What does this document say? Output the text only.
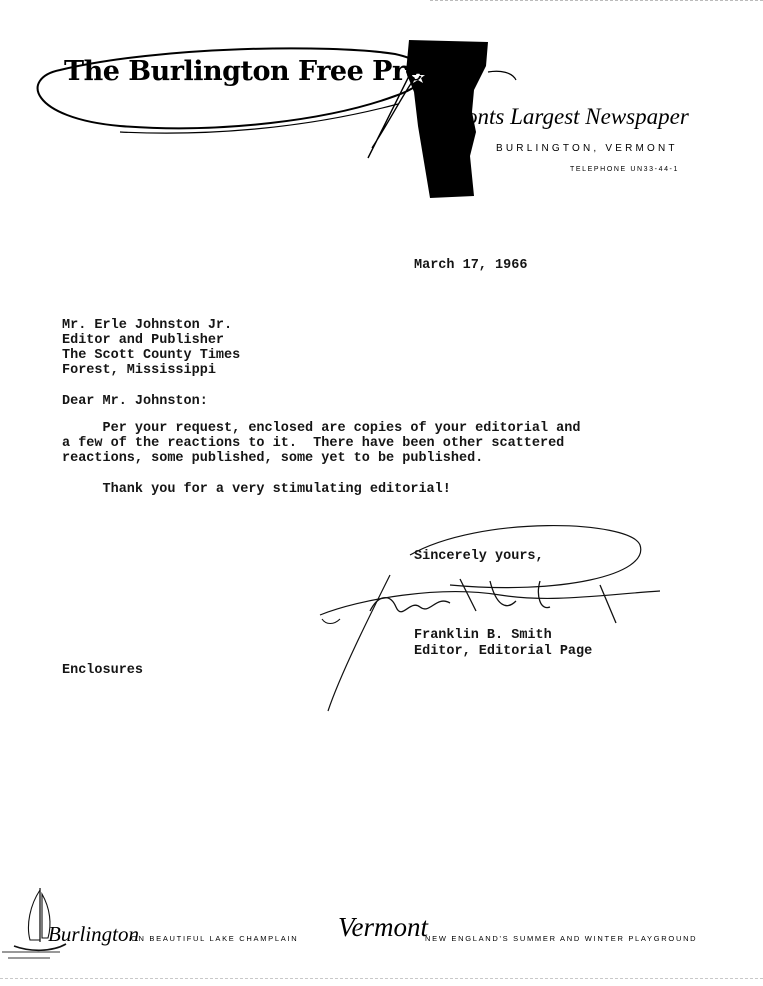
The Burlington Free Press
onts Largest Newspaper
BURLINGTON, VERMONT
TELEPHONE UN33-44-1
March 17, 1966
Mr. Erle Johnston Jr.
Editor and Publisher
The Scott County Times
Forest, Mississippi
Dear Mr. Johnston:
Per your request, enclosed are copies of your editorial and
a few of the reactions to it.  There have been other scattered
reactions, some published, some yet to be published.
Thank you for a very stimulating editorial!
Sincerely yours,
Franklin B. Smith
Editor, Editorial Page
Enclosures
Burlington
ON BEAUTIFUL LAKE CHAMPLAIN Vermont
NEW ENGLAND'S SUMMER AND WINTER PLAYGROUND
